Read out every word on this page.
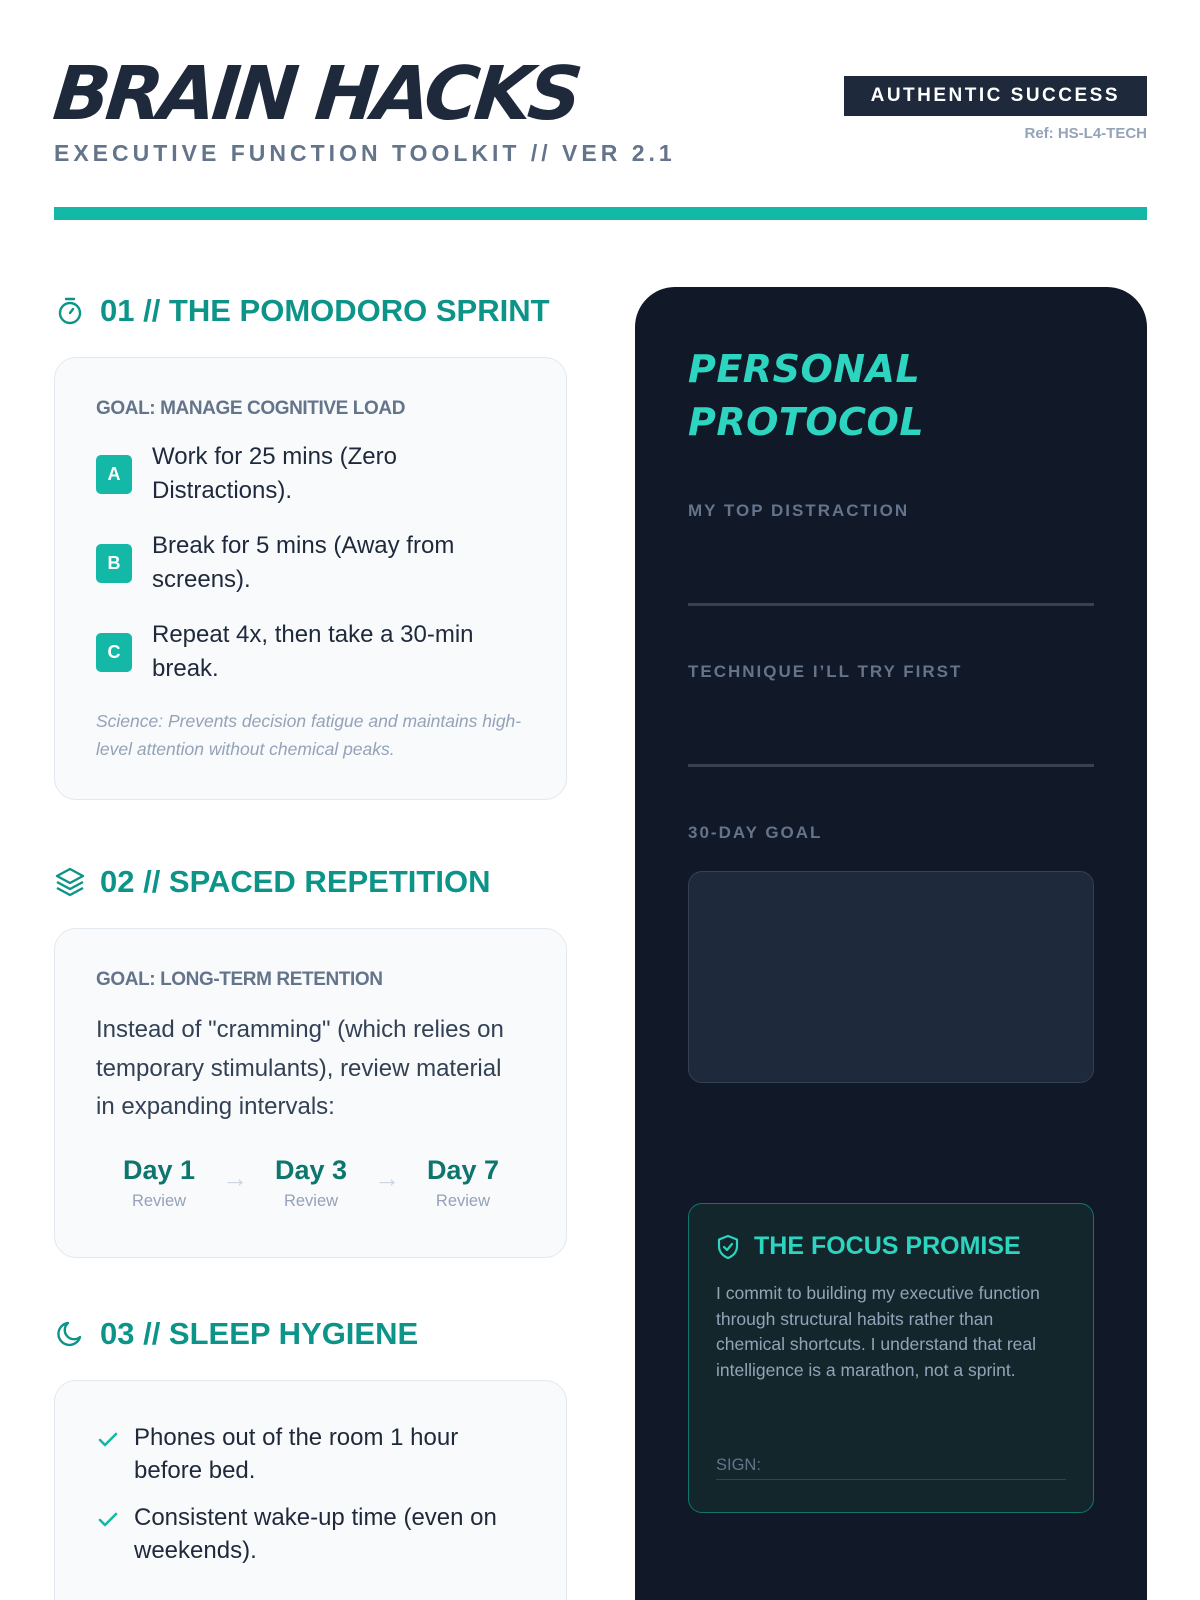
BRAIN HACKS
EXECUTIVE FUNCTION TOOLKIT // VER 2.1
AUTHENTIC SUCCESS
Ref: HS-L4-TECH
01 // THE POMODORO SPRINT
GOAL: MANAGE COGNITIVE LOAD
A
Work for 25 mins (Zero Distractions).
B
Break for 5 mins (Away from screens).
C
Repeat 4x, then take a 30-min break.
Science: Prevents decision fatigue and maintains high-level attention without chemical peaks.
02 // SPACED REPETITION
GOAL: LONG-TERM RETENTION
Instead of "cramming" (which relies on temporary stimulants), review material in expanding intervals:
Day 1
Review
→ Day 3
Review
→ Day 7
Review
03 // SLEEP HYGIENE
Phones out of the room 1 hour before bed.
Consistent wake-up time (even on weekends).
PERSONAL
PROTOCOL
MY TOP DISTRACTION
TECHNIQUE I’LL TRY FIRST
30-DAY GOAL
THE FOCUS PROMISE
I commit to building my executive function through structural habits rather than chemical shortcuts. I understand that real intelligence is a marathon, not a sprint.
SIGN:
